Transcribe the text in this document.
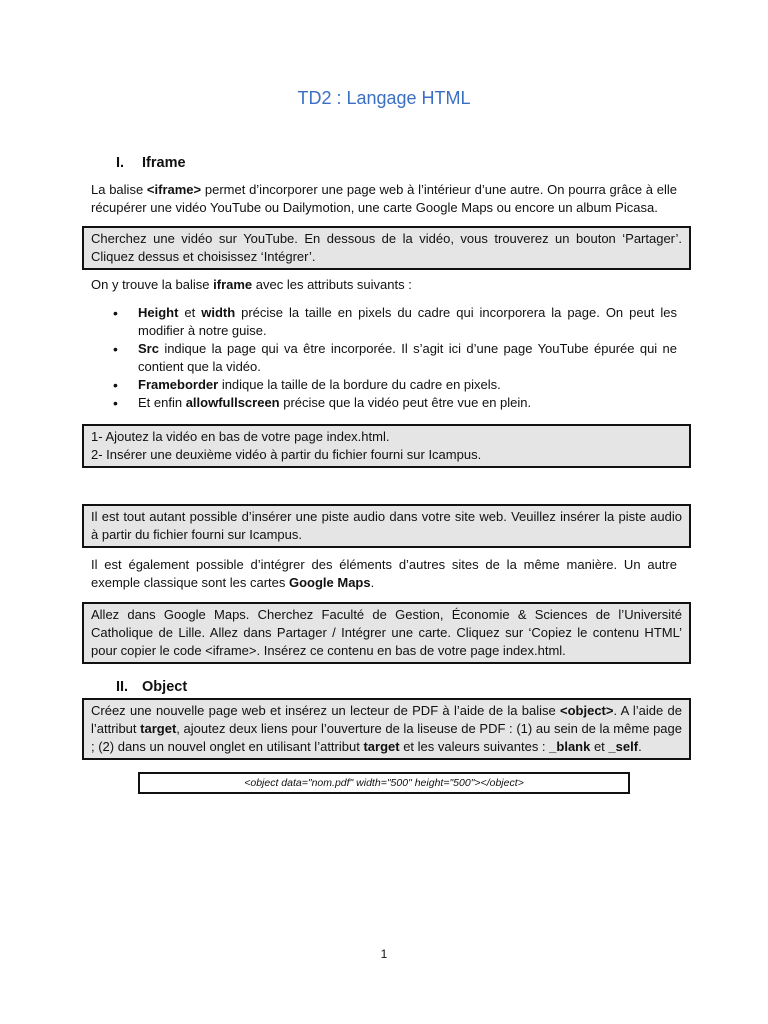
TD2 : Langage HTML
I. Iframe
La balise <iframe> permet d’incorporer une page web à l’intérieur d’une autre. On pourra grâce à elle récupérer une vidéo YouTube ou Dailymotion, une carte Google Maps ou encore un album Picasa.
Cherchez une vidéo sur YouTube. En dessous de la vidéo, vous trouverez un bouton ‘Partager’. Cliquez dessus et choisissez ‘Intégrer’.
On y trouve la balise iframe avec les attributs suivants :
• Height et width précise la taille en pixels du cadre qui incorporera la page. On peut les modifier à notre guise.
• Src indique la page qui va être incorporée. Il s’agit ici d’une page YouTube épurée qui ne contient que la vidéo.
• Frameborder indique la taille de la bordure du cadre en pixels.
• Et enfin allowfullscreen précise que la vidéo peut être vue en plein.
1- Ajoutez la vidéo en bas de votre page index.html.
2- Insérer une deuxième vidéo à partir du fichier fourni sur Icampus.
Il est tout autant possible d’insérer une piste audio dans votre site web. Veuillez insérer la piste audio à partir du fichier fourni sur Icampus.
Il est également possible d’intégrer des éléments d’autres sites de la même manière. Un autre exemple classique sont les cartes Google Maps.
Allez dans Google Maps. Cherchez Faculté de Gestion, Économie & Sciences de l’Université Catholique de Lille. Allez dans Partager / Intégrer une carte. Cliquez sur ‘Copiez le contenu HTML’ pour copier le code <iframe>. Insérez ce contenu en bas de votre page index.html.
II. Object
Créez une nouvelle page web et insérez un lecteur de PDF à l’aide de la balise <object>. A l’aide de l’attribut target, ajoutez deux liens pour l’ouverture de la liseuse de PDF : (1) au sein de la même page ; (2) dans un nouvel onglet en utilisant l’attribut target et les valeurs suivantes : _blank et _self.
<object data="nom.pdf" width="500" height="500"></object>
1
